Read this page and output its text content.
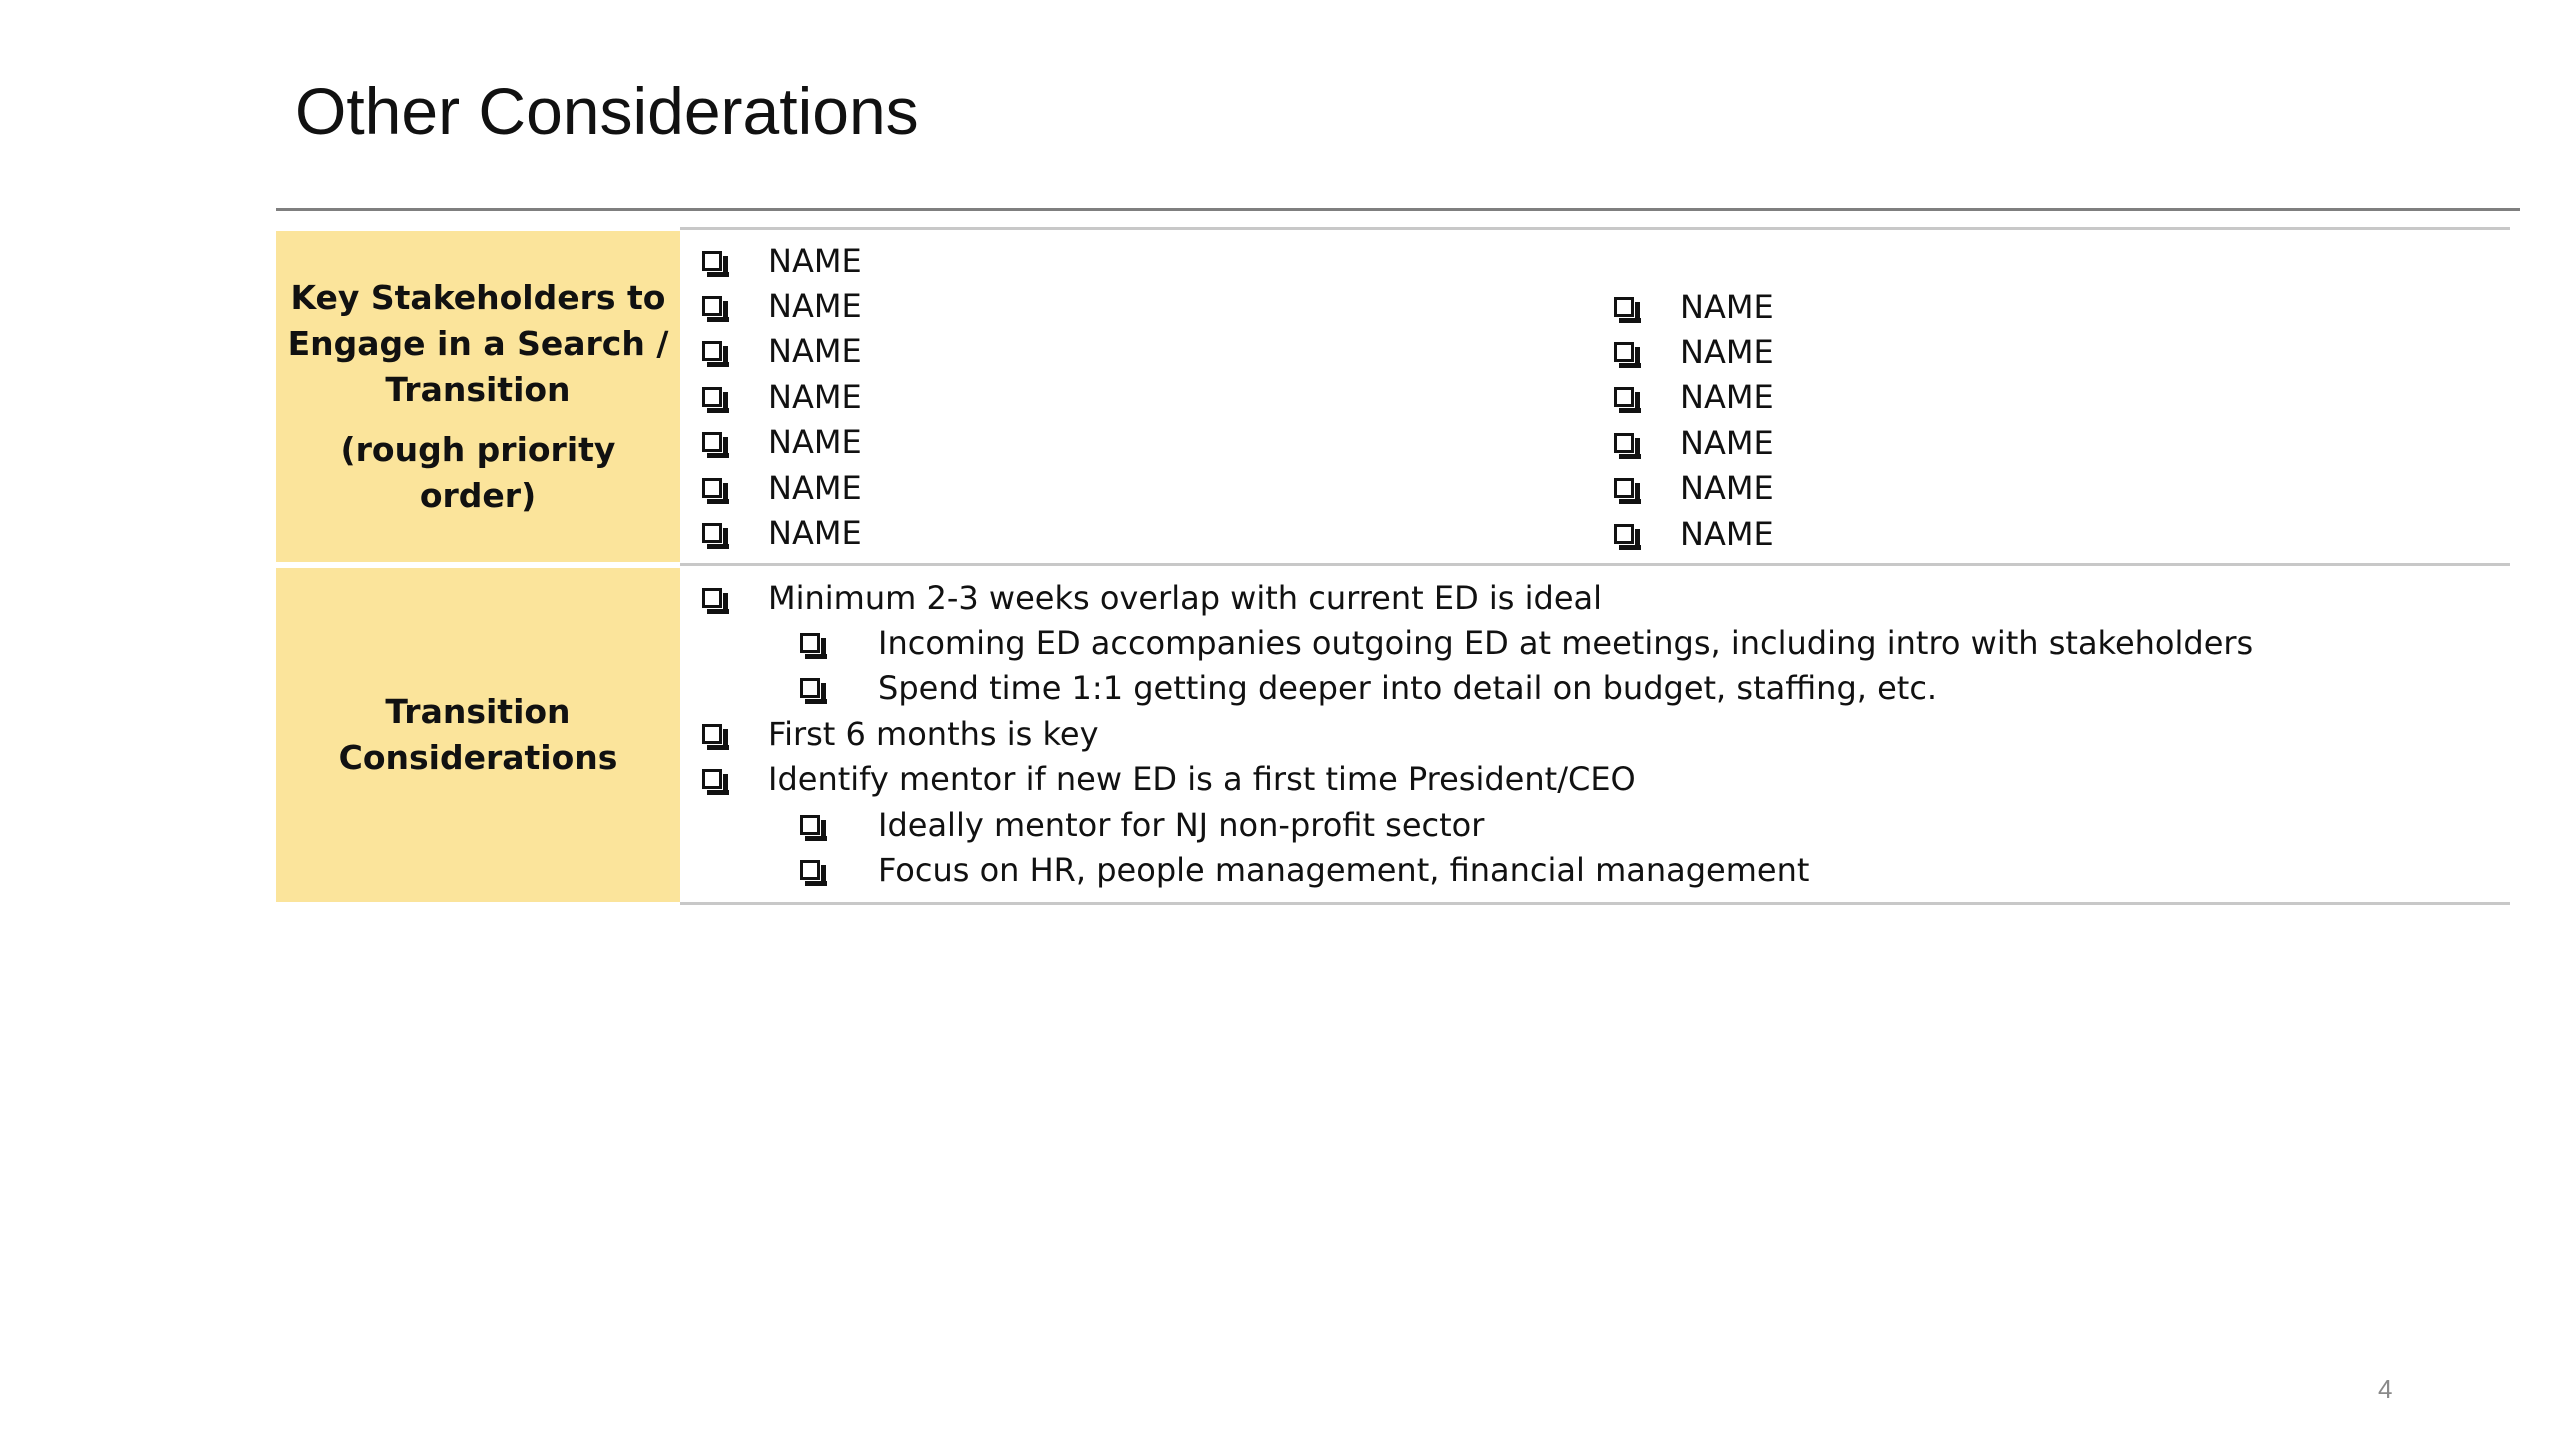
Other Considerations
Key Stakeholders to
Engage in a Search /
Transition
(rough priority order)
NAME
NAME
NAME
NAME
NAME
NAME
NAME
NAME
NAME
NAME
NAME
NAME
NAME
Transition
Considerations
Minimum 2-3 weeks overlap with current ED is ideal
Incoming ED accompanies outgoing ED at meetings, including intro with stakeholders
Spend time 1:1 getting deeper into detail on budget, staffing, etc.
First 6 months is key
Identify mentor if new ED is a first time President/CEO
Ideally mentor for NJ non-profit sector
Focus on HR, people management, financial management
4
